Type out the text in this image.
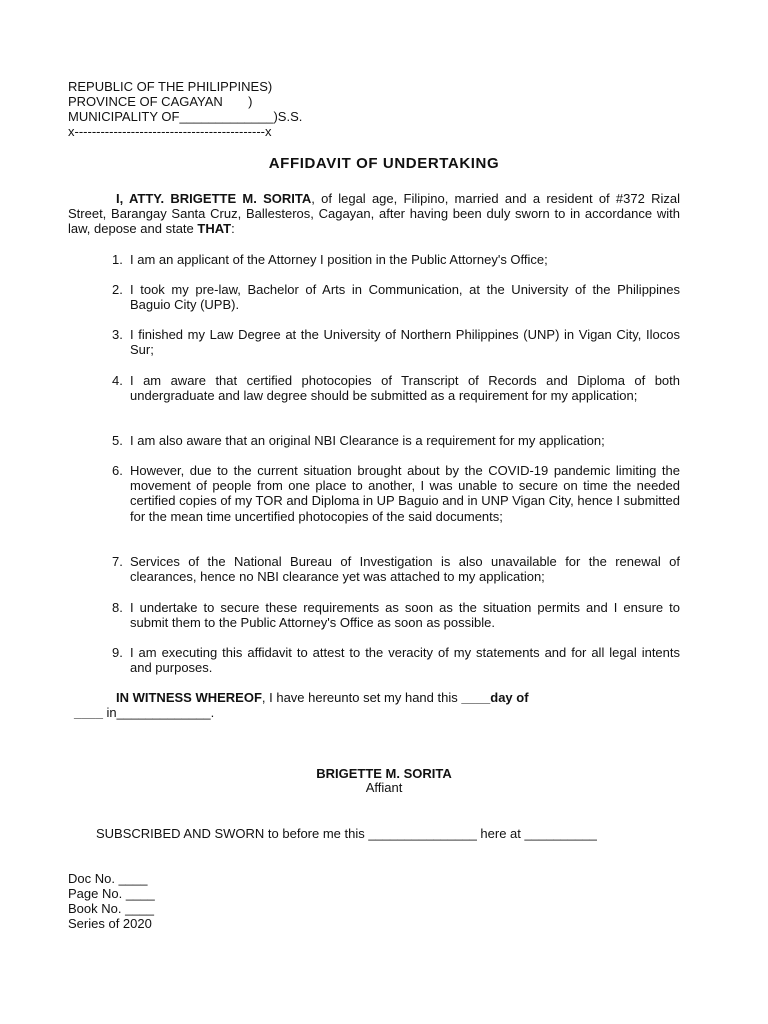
REPUBLIC OF THE PHILIPPINES)
PROVINCE OF CAGAYAN       )
MUNICIPALITY OF_____________)S.S.
x--------------------------------------------x
AFFIDAVIT OF UNDERTAKING

I, ATTY. BRIGETTE M. SORITA, of legal age, Filipino, married and a resident of #372 Rizal Street, Barangay Santa Cruz, Ballesteros, Cagayan, after having been duly sworn to in accordance with law, depose and state THAT:

1. I am an applicant of the Attorney I position in the Public Attorney's Office;
2. I took my pre-law, Bachelor of Arts in Communication, at the University of the Philippines Baguio City (UPB).
3. I finished my Law Degree at the University of Northern Philippines (UNP) in Vigan City, Ilocos Sur;
4. I am aware that certified photocopies of Transcript of Records and Diploma of both undergraduate and law degree should be submitted as a requirement for my application;
5. I am also aware that an original NBI Clearance is a requirement for my application;
6. However, due to the current situation brought about by the COVID-19 pandemic limiting the movement of people from one place to another, I was unable to secure on time the needed certified copies of my TOR and Diploma in UP Baguio and in UNP Vigan City, hence I submitted for the mean time uncertified photocopies of the said documents;
7. Services of the National Bureau of Investigation is also unavailable for the renewal of clearances, hence no NBI clearance yet was attached to my application;
8. I undertake to secure these requirements as soon as the situation permits and I ensure to submit them to the Public Attorney's Office as soon as possible.
9. I am executing this affidavit to attest to the veracity of my statements and for all legal intents and purposes.

IN WITNESS WHEREOF, I have hereunto set my hand this ____day of
____ in_____________.

BRIGETTE M. SORITA
Affiant
SUBSCRIBED AND SWORN to before me this _______________ here at __________
Doc No. ____
Page No. ____
Book No. ____
Series of 2020
